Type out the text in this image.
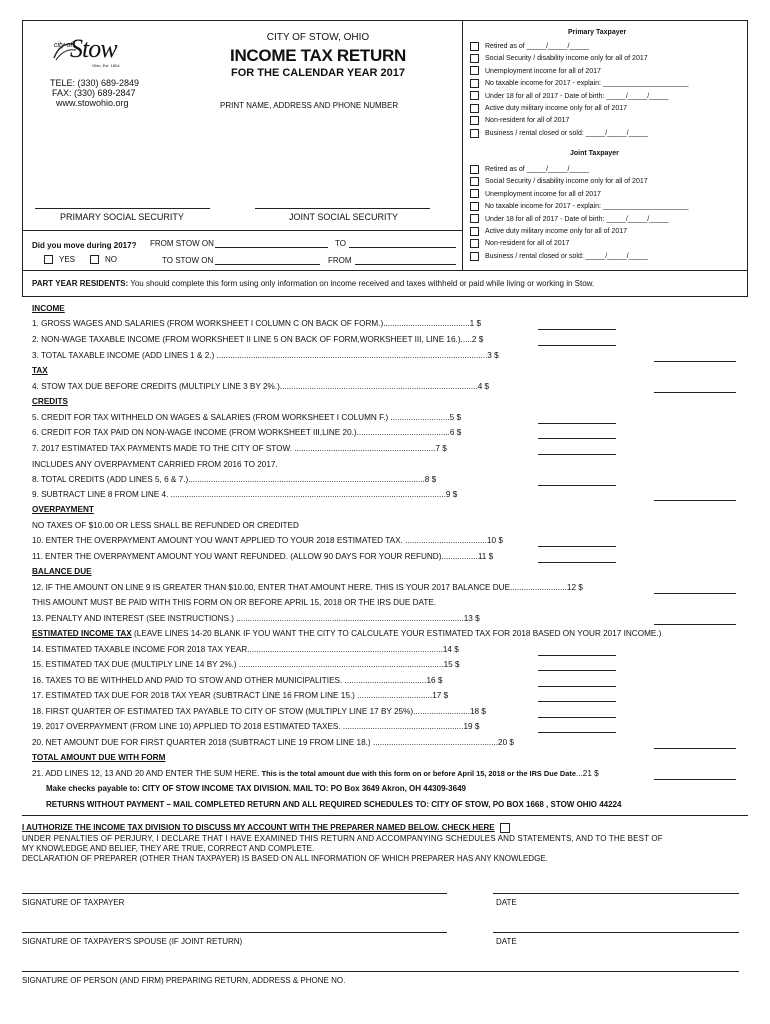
city of
Stow
Ohio, Est. 1804
TELE: (330) 689-2849
FAX: (330) 689-2847
www.stowohio.org
CITY OF STOW, OHIO
INCOME TAX RETURN
FOR THE CALENDAR YEAR 2017
PRINT NAME, ADDRESS AND PHONE NUMBER
PRIMARY SOCIAL SECURITY	JOINT SOCIAL SECURITY
Did you move during 2017? FROM STOW ON	TO
YES	NO	TO STOW ON	FROM
Primary Taxpayer
Retired as of _____/_____/_____
Social Security / disability income only for all of 2017
Unemployment income for all of 2017
No taxable income for 2017 - explain: ______________________
Under 18 for all of 2017 - Date of birth: _____/_____/_____
Active duty military income only for all of 2017
Non-resident for all of 2017
Business / rental closed or sold: _____/_____/_____
Joint Taxpayer
Retired as of _____/_____/_____
Social Security / disability income only for all of 2017
Unemployment income for all of 2017
No taxable income for 2017 - explain: ______________________
Under 18 for all of 2017 - Date of birth: _____/_____/_____
Active duty military income only for all of 2017
Non-resident for all of 2017
Business / rental closed or sold: _____/_____/_____
PART YEAR RESIDENTS: You should complete this form using only information on income received and taxes withheld or paid while living or working in Stow.
INCOME
1. GROSS WAGES AND SALARIES (FROM WORKSHEET I COLUMN C ON BACK OF FORM.)......................................1 $
2. NON-WAGE TAXABLE INCOME (FROM WORKSHEET II LINE 5 ON BACK OF FORM,WORKSHEET III, LINE 16.).....2 $
3. TOTAL TAXABLE INCOME (ADD LINES 1 & 2.) .......................................................................................................................3 $
TAX
4. STOW TAX DUE BEFORE CREDITS (MULTIPLY LINE 3 BY 2%.).......................................................................................4 $
CREDITS
5. CREDIT FOR TAX WITHHELD ON WAGES & SALARIES (FROM WORKSHEET I COLUMN F.) ..........................5 $
6. CREDIT FOR TAX PAID ON NON-WAGE INCOME (FROM WORKSHEET III,LINE 20.).........................................6 $
7. 2017 ESTIMATED TAX PAYMENTS MADE TO THE CITY OF STOW. ..............................................................7 $
INCLUDES ANY OVERPAYMENT CARRIED FROM 2016 TO 2017.
8. TOTAL CREDITS (ADD LINES 5, 6 & 7.)........................................................................................................8 $
9. SUBTRACT LINE 8 FROM LINE 4. .........................................................................................................................9 $
OVERPAYMENT
NO TAXES OF $10.00 OR LESS SHALL BE REFUNDED OR CREDITED
10. ENTER THE OVERPAYMENT AMOUNT YOU WANT APPLIED TO YOUR 2018 ESTIMATED TAX. ....................................10 $
11. ENTER THE OVERPAYMENT AMOUNT YOU WANT REFUNDED. (ALLOW 90 DAYS FOR YOUR REFUND)................11 $
BALANCE DUE
12. IF THE AMOUNT ON LINE 9 IS GREATER THAN $10.00, ENTER THAT AMOUNT HERE. THIS IS YOUR 2017 BALANCE DUE.........................12 $
THIS AMOUNT MUST BE PAID WITH THIS FORM ON OR BEFORE APRIL 15, 2018 OR THE IRS DUE DATE.
13. PENALTY AND INTEREST (SEE INSTRUCTIONS.) ....................................................................................................13 $
ESTIMATED INCOME TAX (LEAVE LINES 14-20 BLANK IF YOU WANT THE CITY TO CALCULATE YOUR ESTIMATED TAX FOR 2018 BASED ON YOUR 2017 INCOME.)
14. ESTIMATED TAXABLE INCOME FOR 2018 TAX YEAR......................................................................................14 $
15. ESTIMATED TAX DUE (MULTIPLY LINE 14 BY 2%.) ..........................................................................................15 $
16. TAXES TO BE WITHHELD AND PAID TO STOW AND OTHER MUNICIPALITIES. ....................................16 $
17. ESTIMATED TAX DUE FOR 2018 TAX YEAR (SUBTRACT LINE 16 FROM LINE 15.) .................................17 $
18. FIRST QUARTER OF ESTIMATED TAX PAYABLE TO CITY OF STOW (MULTIPLY LINE 17 BY 25%).........................18 $
19. 2017 OVERPAYMENT (FROM LINE 10) APPLIED TO 2018 ESTIMATED TAXES. .....................................................19 $
20. NET AMOUNT DUE FOR FIRST QUARTER 2018 (SUBTRACT LINE 19 FROM LINE 18.) .......................................................20 $
TOTAL AMOUNT DUE WITH FORM
21. ADD LINES 12, 13 AND 20 AND ENTER THE SUM HERE. This is the total amount due with this form on or before April 15, 2018 or the IRS Due Date...21 $
Make checks payable to: CITY OF STOW INCOME TAX DIVISION. MAIL TO: PO Box 3649 Akron, OH 44309-3649
RETURNS WITHOUT PAYMENT – MAIL COMPLETED RETURN AND ALL REQUIRED SCHEDULES TO: CITY OF STOW, PO BOX 1668 , STOW OHIO 44224
I AUTHORIZE THE INCOME TAX DIVISION TO DISCUSS MY ACCOUNT WITH THE PREPARER NAMED BELOW. CHECK HERE
UNDER PENALTIES OF PERJURY, I DECLARE THAT I HAVE EXAMINED THIS RETURN AND ACCOMPANYING SCHEDULES AND STATEMENTS, AND TO THE BEST OF
MY KNOWLEDGE AND BELIEF, THEY ARE TRUE, CORRECT AND COMPLETE.
DECLARATION OF PREPARER (OTHER THAN TAXPAYER) IS BASED ON ALL INFORMATION OF WHICH PREPARER HAS ANY KNOWLEDGE.
SIGNATURE OF TAXPAYER	DATE
SIGNATURE OF TAXPAYER'S SPOUSE (IF JOINT RETURN)	DATE
SIGNATURE OF PERSON (AND FIRM) PREPARING RETURN, ADDRESS & PHONE NO.
